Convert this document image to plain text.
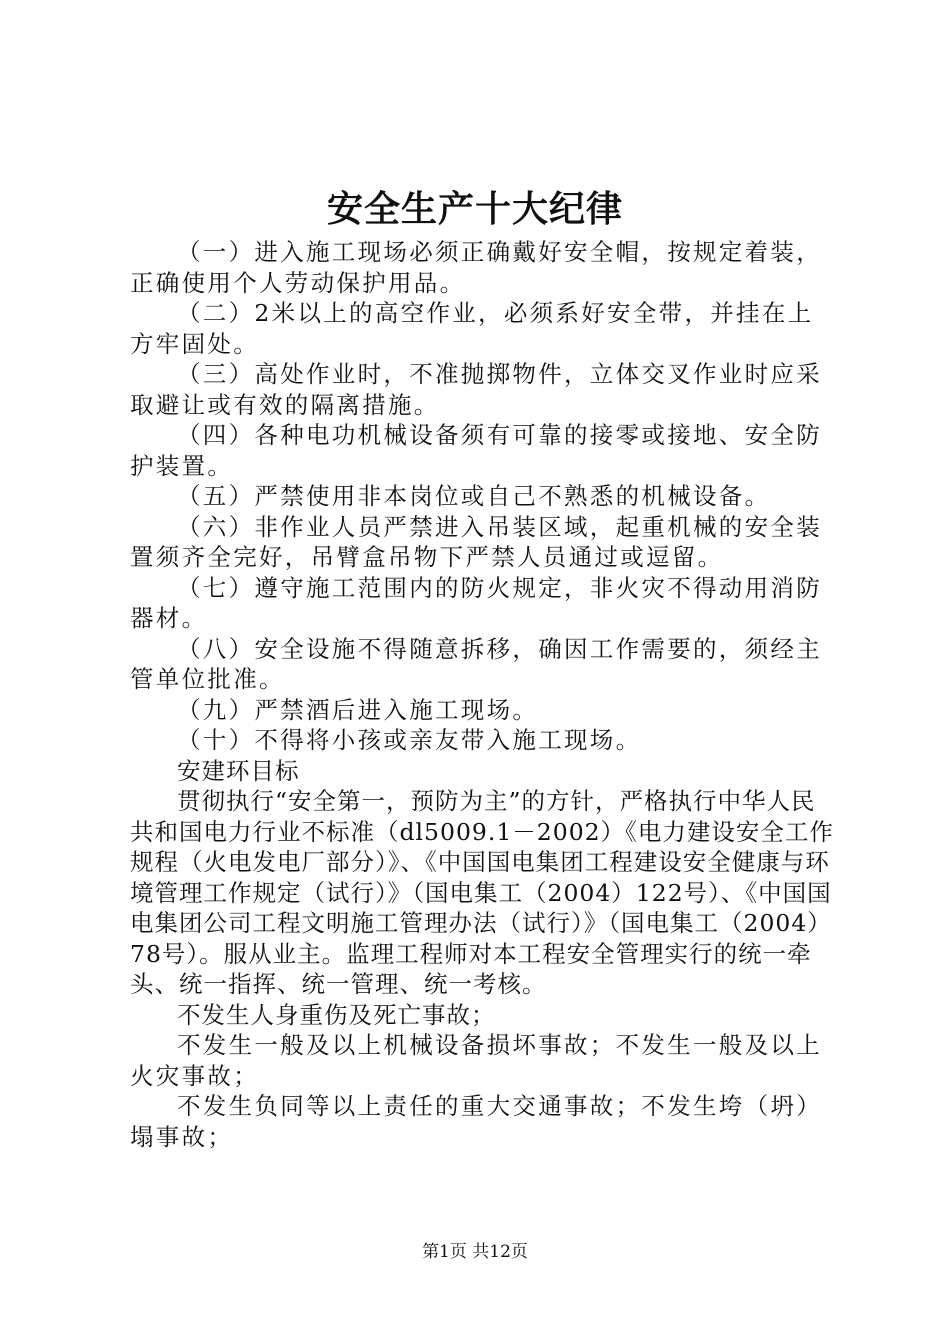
安全生产十大纪律

（一）进入施工现场必须正确戴好安全帽，按规定着装，正确使用个人劳动保护用品。

（二）2米以上的高空作业，必须系好安全带，并挂在上方牢固处。

（三）高处作业时，不准抛掷物件，立体交叉作业时应采取避让或有效的隔离措施。

（四）各种电功机械设备须有可靠的接零或接地、安全防护装置。

（五）严禁使用非本岗位或自己不熟悉的机械设备。

（六）非作业人员严禁进入吊装区域，起重机械的安全装置须齐全完好，吊臂盒吊物下严禁人员通过或逗留。

（七）遵守施工范围内的防火规定，非火灾不得动用消防器材。

（八）安全设施不得随意拆移，确因工作需要的，须经主管单位批准。

（九）严禁酒后进入施工现场。

（十）不得将小孩或亲友带入施工现场。

安建环目标

贯彻执行“安全第一，预防为主”的方针，严格执行中华人民共和国电力行业不标准（dl5009.1－2002）《电力建设安全工作规程（火电发电厂部分）》、《中国国电集团工程建设安全健康与环境管理工作规定（试行）》（国电集工（2004）122号）、《中国国电集团公司工程文明施工管理办法（试行）》（国电集工（2004）78号）。服从业主。监理工程师对本工程安全管理实行的统一牵头、统一指挥、统一管理、统一考核。

不发生人身重伤及死亡事故；

不发生一般及以上机械设备损坏事故；不发生一般及以上火灾事故；

不发生负同等以上责任的重大交通事故；不发生垮（坍）塌事故；

第1页 共12页
